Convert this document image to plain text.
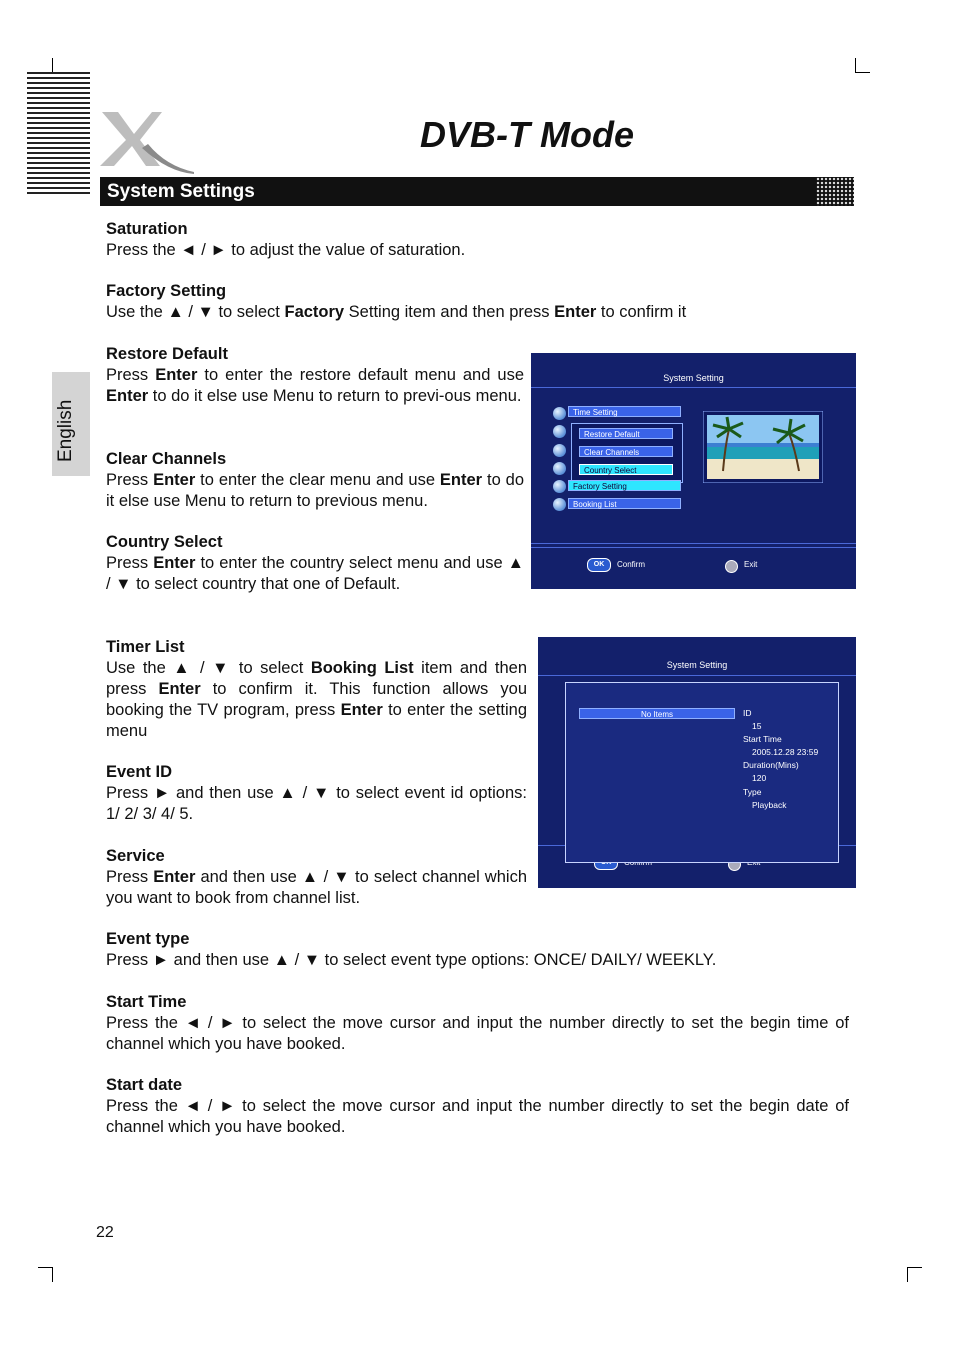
DVB-T Mode
System Settings
English
Saturation

Press the ◄ / ► to adjust the value of saturation.

Factory Setting

Use the ▲ / ▼ to select Factory Setting item and then press Enter to confirm it

Restore Default

Press Enter to enter the restore default menu and use Enter to do it else use Menu to return to previ-ous menu.

Clear Channels

Press Enter to enter the clear menu and use Enter to do it else use Menu to return to previous menu.

Country Select

Press Enter to enter the country select menu and use ▲ / ▼ to select country that one of Default.

Timer List

Use the ▲ / ▼ to select Booking List item and then press Enter to confirm it. This function allows you booking the TV program, press Enter to enter the setting menu

Event ID

Press ► and then use ▲ / ▼ to select event id options: 1/ 2/ 3/ 4/ 5.

Service

Press Enter and then use ▲ / ▼ to select channel which you want to book from channel list.

Event type

Press ► and then use ▲ / ▼ to select event type options: ONCE/ DAILY/ WEEKLY.

Start Time

Press the ◄ / ► to select the move cursor and input the number directly to set the begin time of channel which you have booked.

Start date

Press the ◄ / ► to select the move cursor and input the number directly to set the begin date of channel which you have booked.

System Setting
Time Setting
Restore Default
Clear Channels
Country Select
Factory Setting
Booking List
OK	Confirm	Exit
System Setting
No Items	ID
15
Start Time
2005.12.28 23:59
Duration(Mins)
120
Type
Playback
22
